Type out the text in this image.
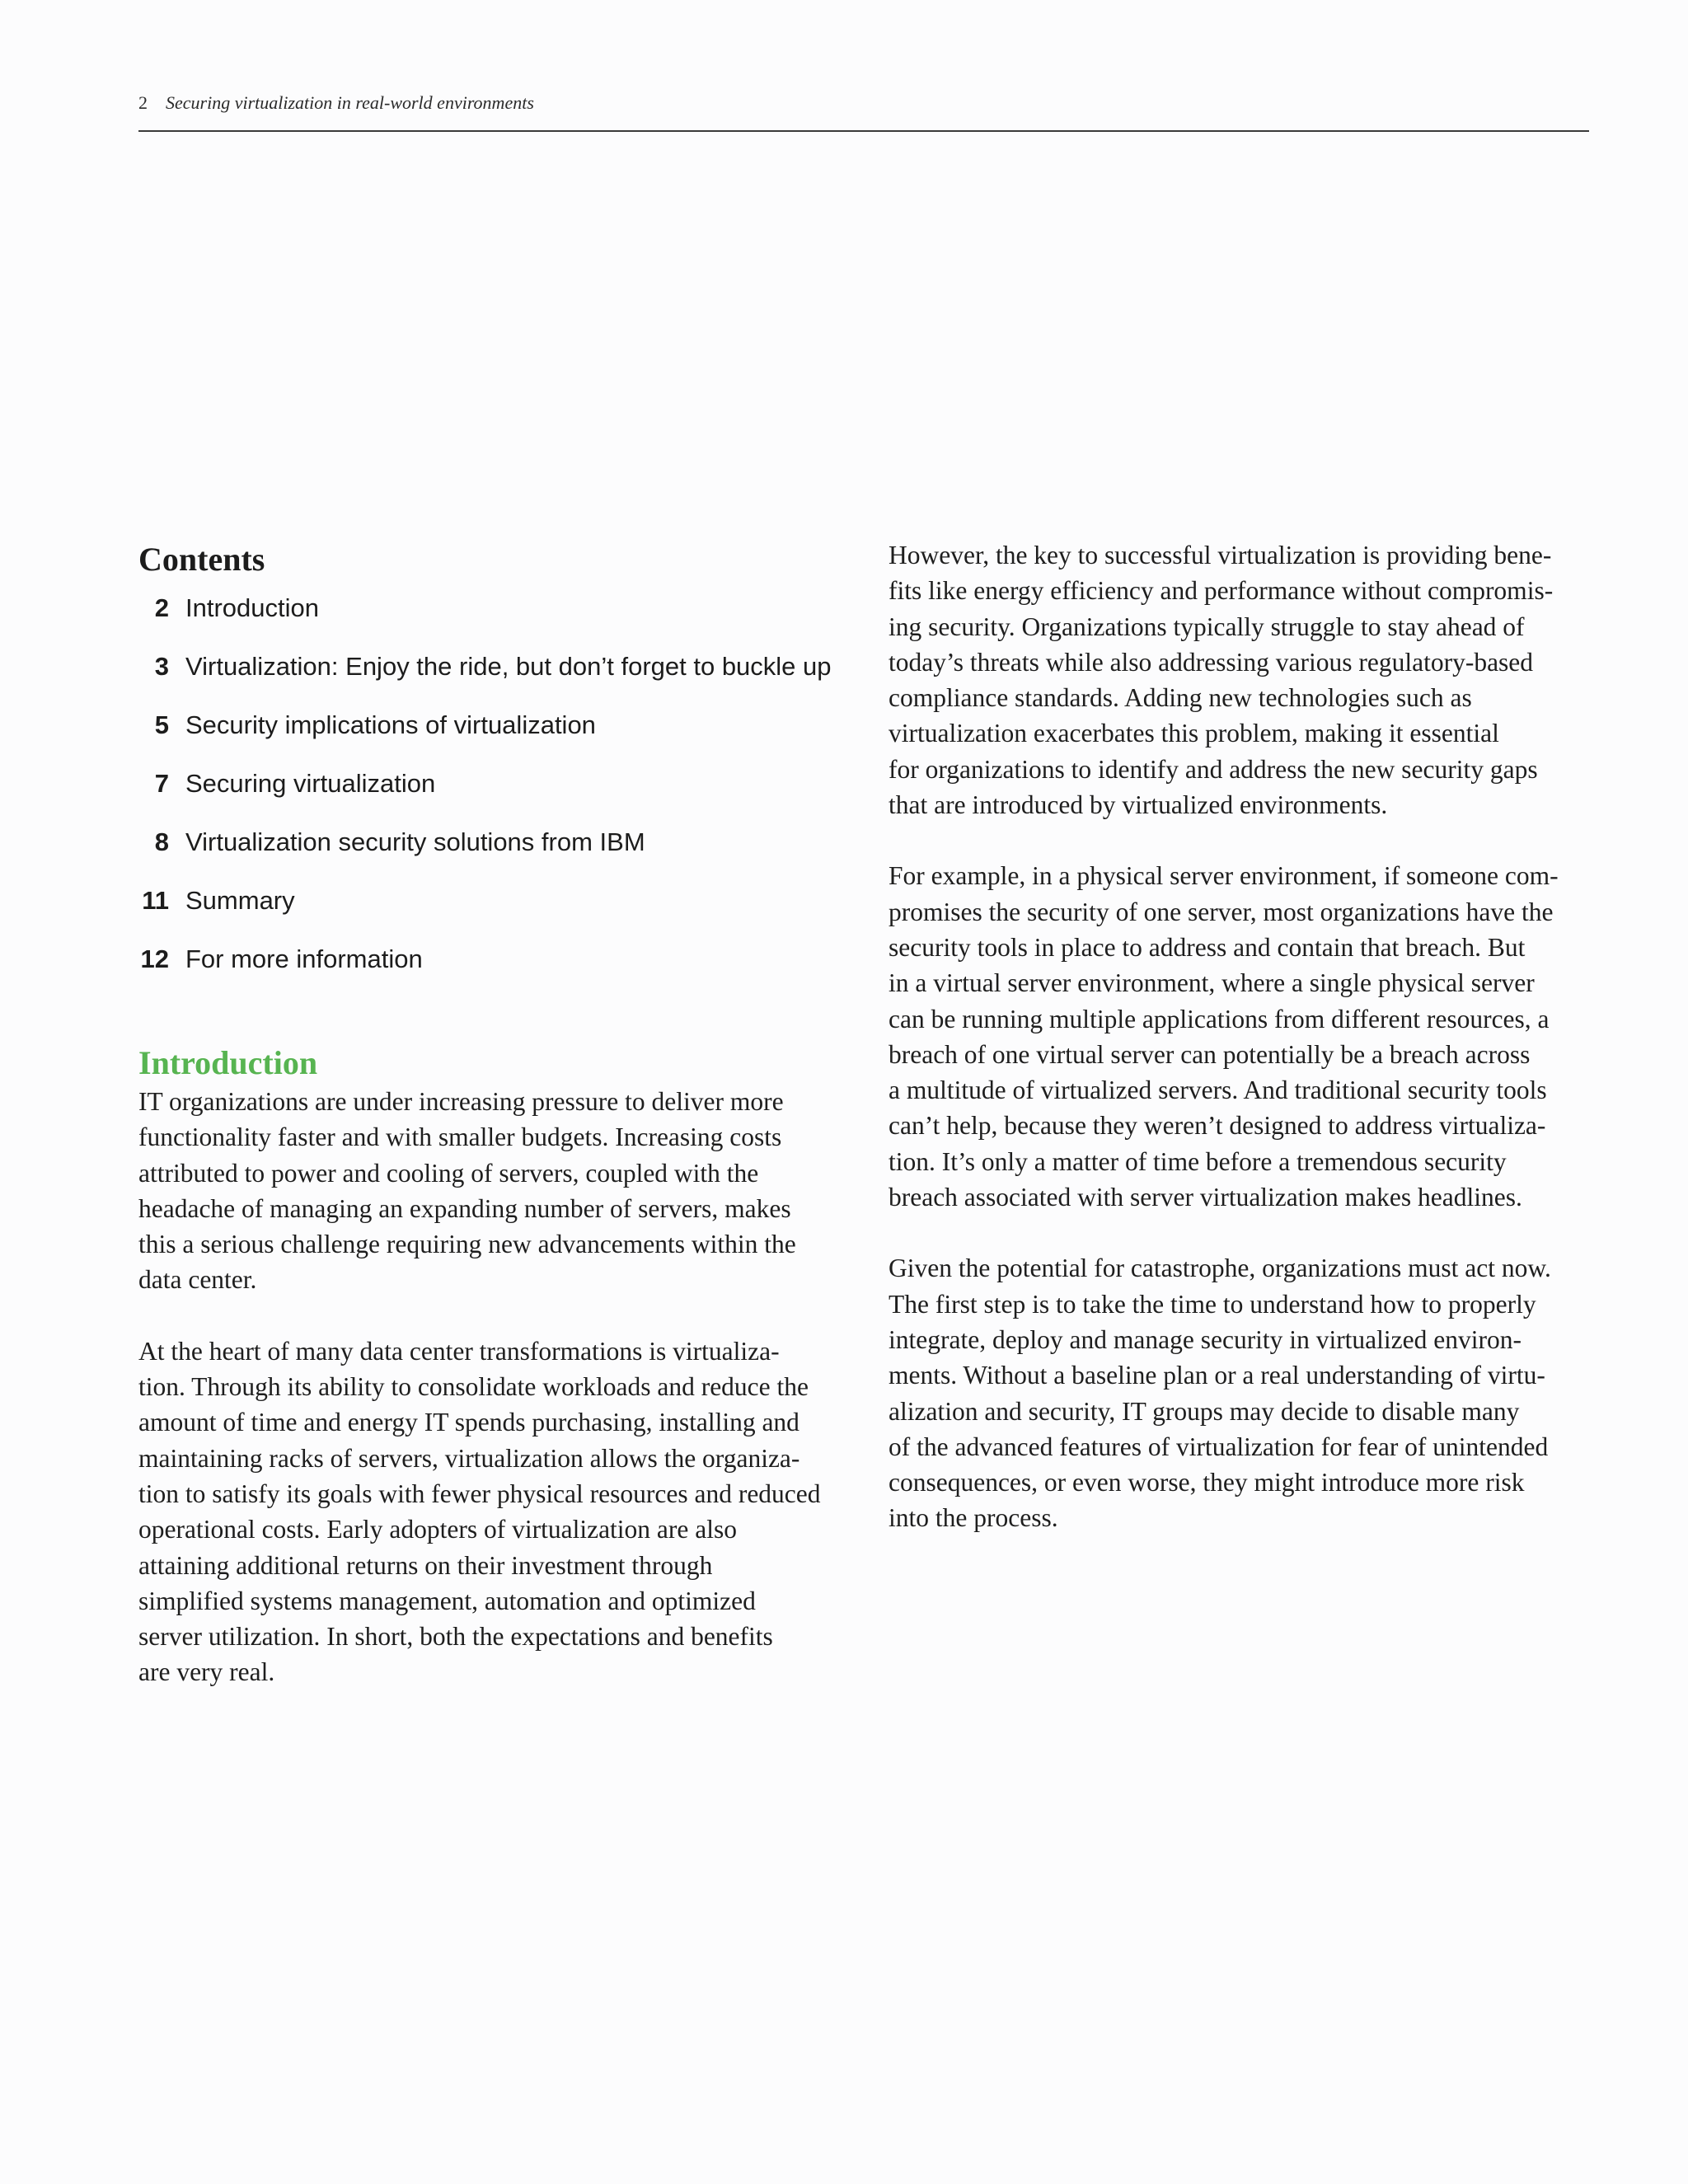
2 Securing virtualization in real-world environments
Contents
2 Introduction
3 Virtualization: Enjoy the ride, but don’t forget to buckle up
5 Security implications of virtualization
7 Securing virtualization
8 Virtualization security solutions from IBM
11 Summary
12 For more information
Introduction

IT organizations are under increasing pressure to deliver more
functionality faster and with smaller budgets. Increasing costs
attributed to power and cooling of servers, coupled with the
headache of managing an expanding number of servers, makes
this a serious challenge requiring new advancements within the
data center.

At the heart of many data center transformations is virtualiza-
tion. Through its ability to consolidate workloads and reduce the
amount of time and energy IT spends purchasing, installing and
maintaining racks of servers, virtualization allows the organiza-
tion to satisfy its goals with fewer physical resources and reduced
operational costs. Early adopters of virtualization are also
attaining additional returns on their investment through
simplified systems management, automation and optimized
server utilization. In short, both the expectations and benefits
are very real.

However, the key to successful virtualization is providing bene-
fits like energy efficiency and performance without compromis-
ing security. Organizations typically struggle to stay ahead of
today’s threats while also addressing various regulatory-based
compliance standards. Adding new technologies such as
virtualization exacerbates this problem, making it essential
for organizations to identify and address the new security gaps
that are introduced by virtualized environments.

For example, in a physical server environment, if someone com-
promises the security of one server, most organizations have the
security tools in place to address and contain that breach. But
in a virtual server environment, where a single physical server
can be running multiple applications from different resources, a
breach of one virtual server can potentially be a breach across
a multitude of virtualized servers. And traditional security tools
can’t help, because they weren’t designed to address virtualiza-
tion. It’s only a matter of time before a tremendous security
breach associated with server virtualization makes headlines.

Given the potential for catastrophe, organizations must act now.
The first step is to take the time to understand how to properly
integrate, deploy and manage security in virtualized environ-
ments. Without a baseline plan or a real understanding of virtu-
alization and security, IT groups may decide to disable many
of the advanced features of virtualization for fear of unintended
consequences, or even worse, they might introduce more risk
into the process.
